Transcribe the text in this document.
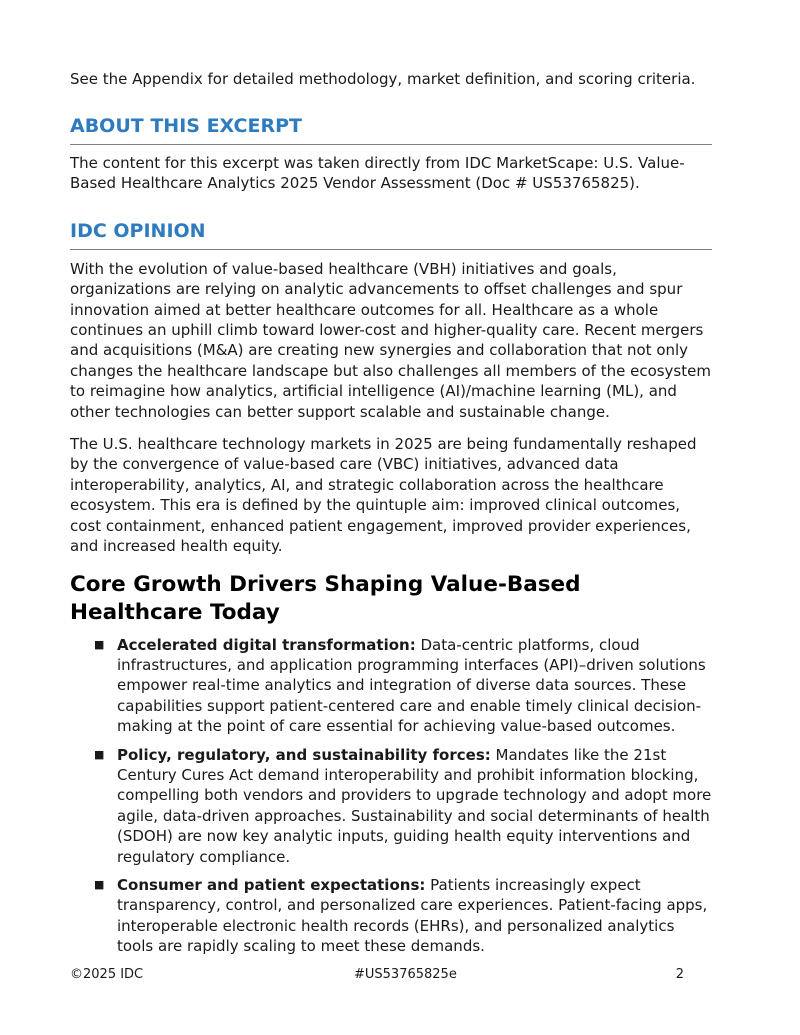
See the Appendix for detailed methodology, market definition, and scoring criteria.

ABOUT THIS EXCERPT

The content for this excerpt was taken directly from IDC MarketScape: U.S. Value-Based Healthcare Analytics 2025 Vendor Assessment (Doc # US53765825).

IDC OPINION

With the evolution of value-based healthcare (VBH) initiatives and goals, organizations are relying on analytic advancements to offset challenges and spur innovation aimed at better healthcare outcomes for all. Healthcare as a whole continues an uphill climb toward lower-cost and higher-quality care. Recent mergers and acquisitions (M&A) are creating new synergies and collaboration that not only changes the healthcare landscape but also challenges all members of the ecosystem to reimagine how analytics, artificial intelligence (AI)/machine learning (ML), and other technologies can better support scalable and sustainable change.

The U.S. healthcare technology markets in 2025 are being fundamentally reshaped by the convergence of value-based care (VBC) initiatives, advanced data interoperability, analytics, AI, and strategic collaboration across the healthcare ecosystem. This era is defined by the quintuple aim: improved clinical outcomes, cost containment, enhanced patient engagement, improved provider experiences, and increased health equity.

Core Growth Drivers Shaping Value-Based Healthcare Today
■ Accelerated digital transformation: Data-centric platforms, cloud infrastructures, and application programming interfaces (API)–driven solutions empower real-time analytics and integration of diverse data sources. These capabilities support patient-centered care and enable timely clinical decision-making at the point of care essential for achieving value-based outcomes.
■ Policy, regulatory, and sustainability forces: Mandates like the 21st Century Cures Act demand interoperability and prohibit information blocking, compelling both vendors and providers to upgrade technology and adopt more agile, data-driven approaches. Sustainability and social determinants of health (SDOH) are now key analytic inputs, guiding health equity interventions and regulatory compliance.
■ Consumer and patient expectations: Patients increasingly expect transparency, control, and personalized care experiences. Patient-facing apps, interoperable electronic health records (EHRs), and personalized analytics tools are rapidly scaling to meet these demands.
©2025 IDC	#US53765825e	2
